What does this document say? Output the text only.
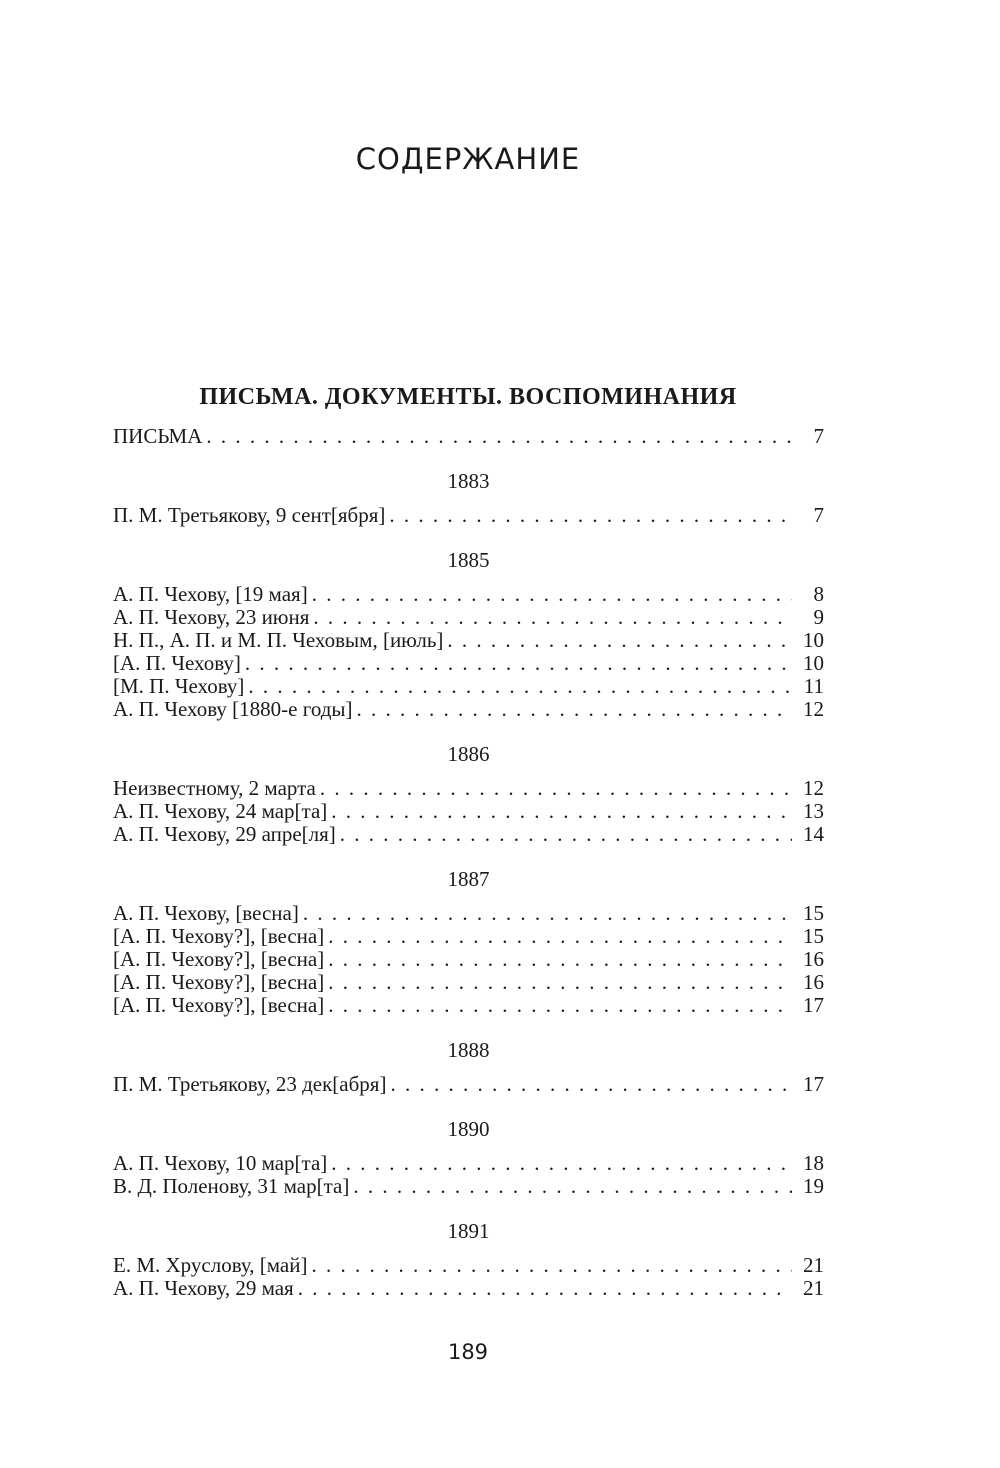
СОДЕРЖАНИЕ
ПИСЬМА. ДОКУМЕНТЫ. ВОСПОМИНАНИЯ
ПИСЬМА . . .	7
1883
П. М. Третьякову, 9 сент[ября] . . .	7
1885
А. П. Чехову, [19 мая] . . .	8
А. П. Чехову, 23 июня . . .	9
Н. П., А. П. и М. П. Чеховым, [июль] . . .	10
[А. П. Чехову] . . .	10
[М. П. Чехову] . . .	11
А. П. Чехову [1880-е годы] . . .	12
1886
Неизвестному, 2 марта . . .	12
А. П. Чехову, 24 мар[та] . . .	13
А. П. Чехову, 29 апре[ля] . . .	14
1887
А. П. Чехову, [весна] . . .	15
[А. П. Чехову?], [весна] . . .	15
[А. П. Чехову?], [весна] . . .	16
[А. П. Чехову?], [весна] . . .	16
[А. П. Чехову?], [весна] . . .	17
1888
П. М. Третьякову, 23 дек[абря] . . .	17
1890
А. П. Чехову, 10 мар[та] . . .	18
В. Д. Поленову, 31 мар[та] . . .	19
1891
Е. М. Хруслову, [май] . . .	21
А. П. Чехову, 29 мая . . .	21
189
